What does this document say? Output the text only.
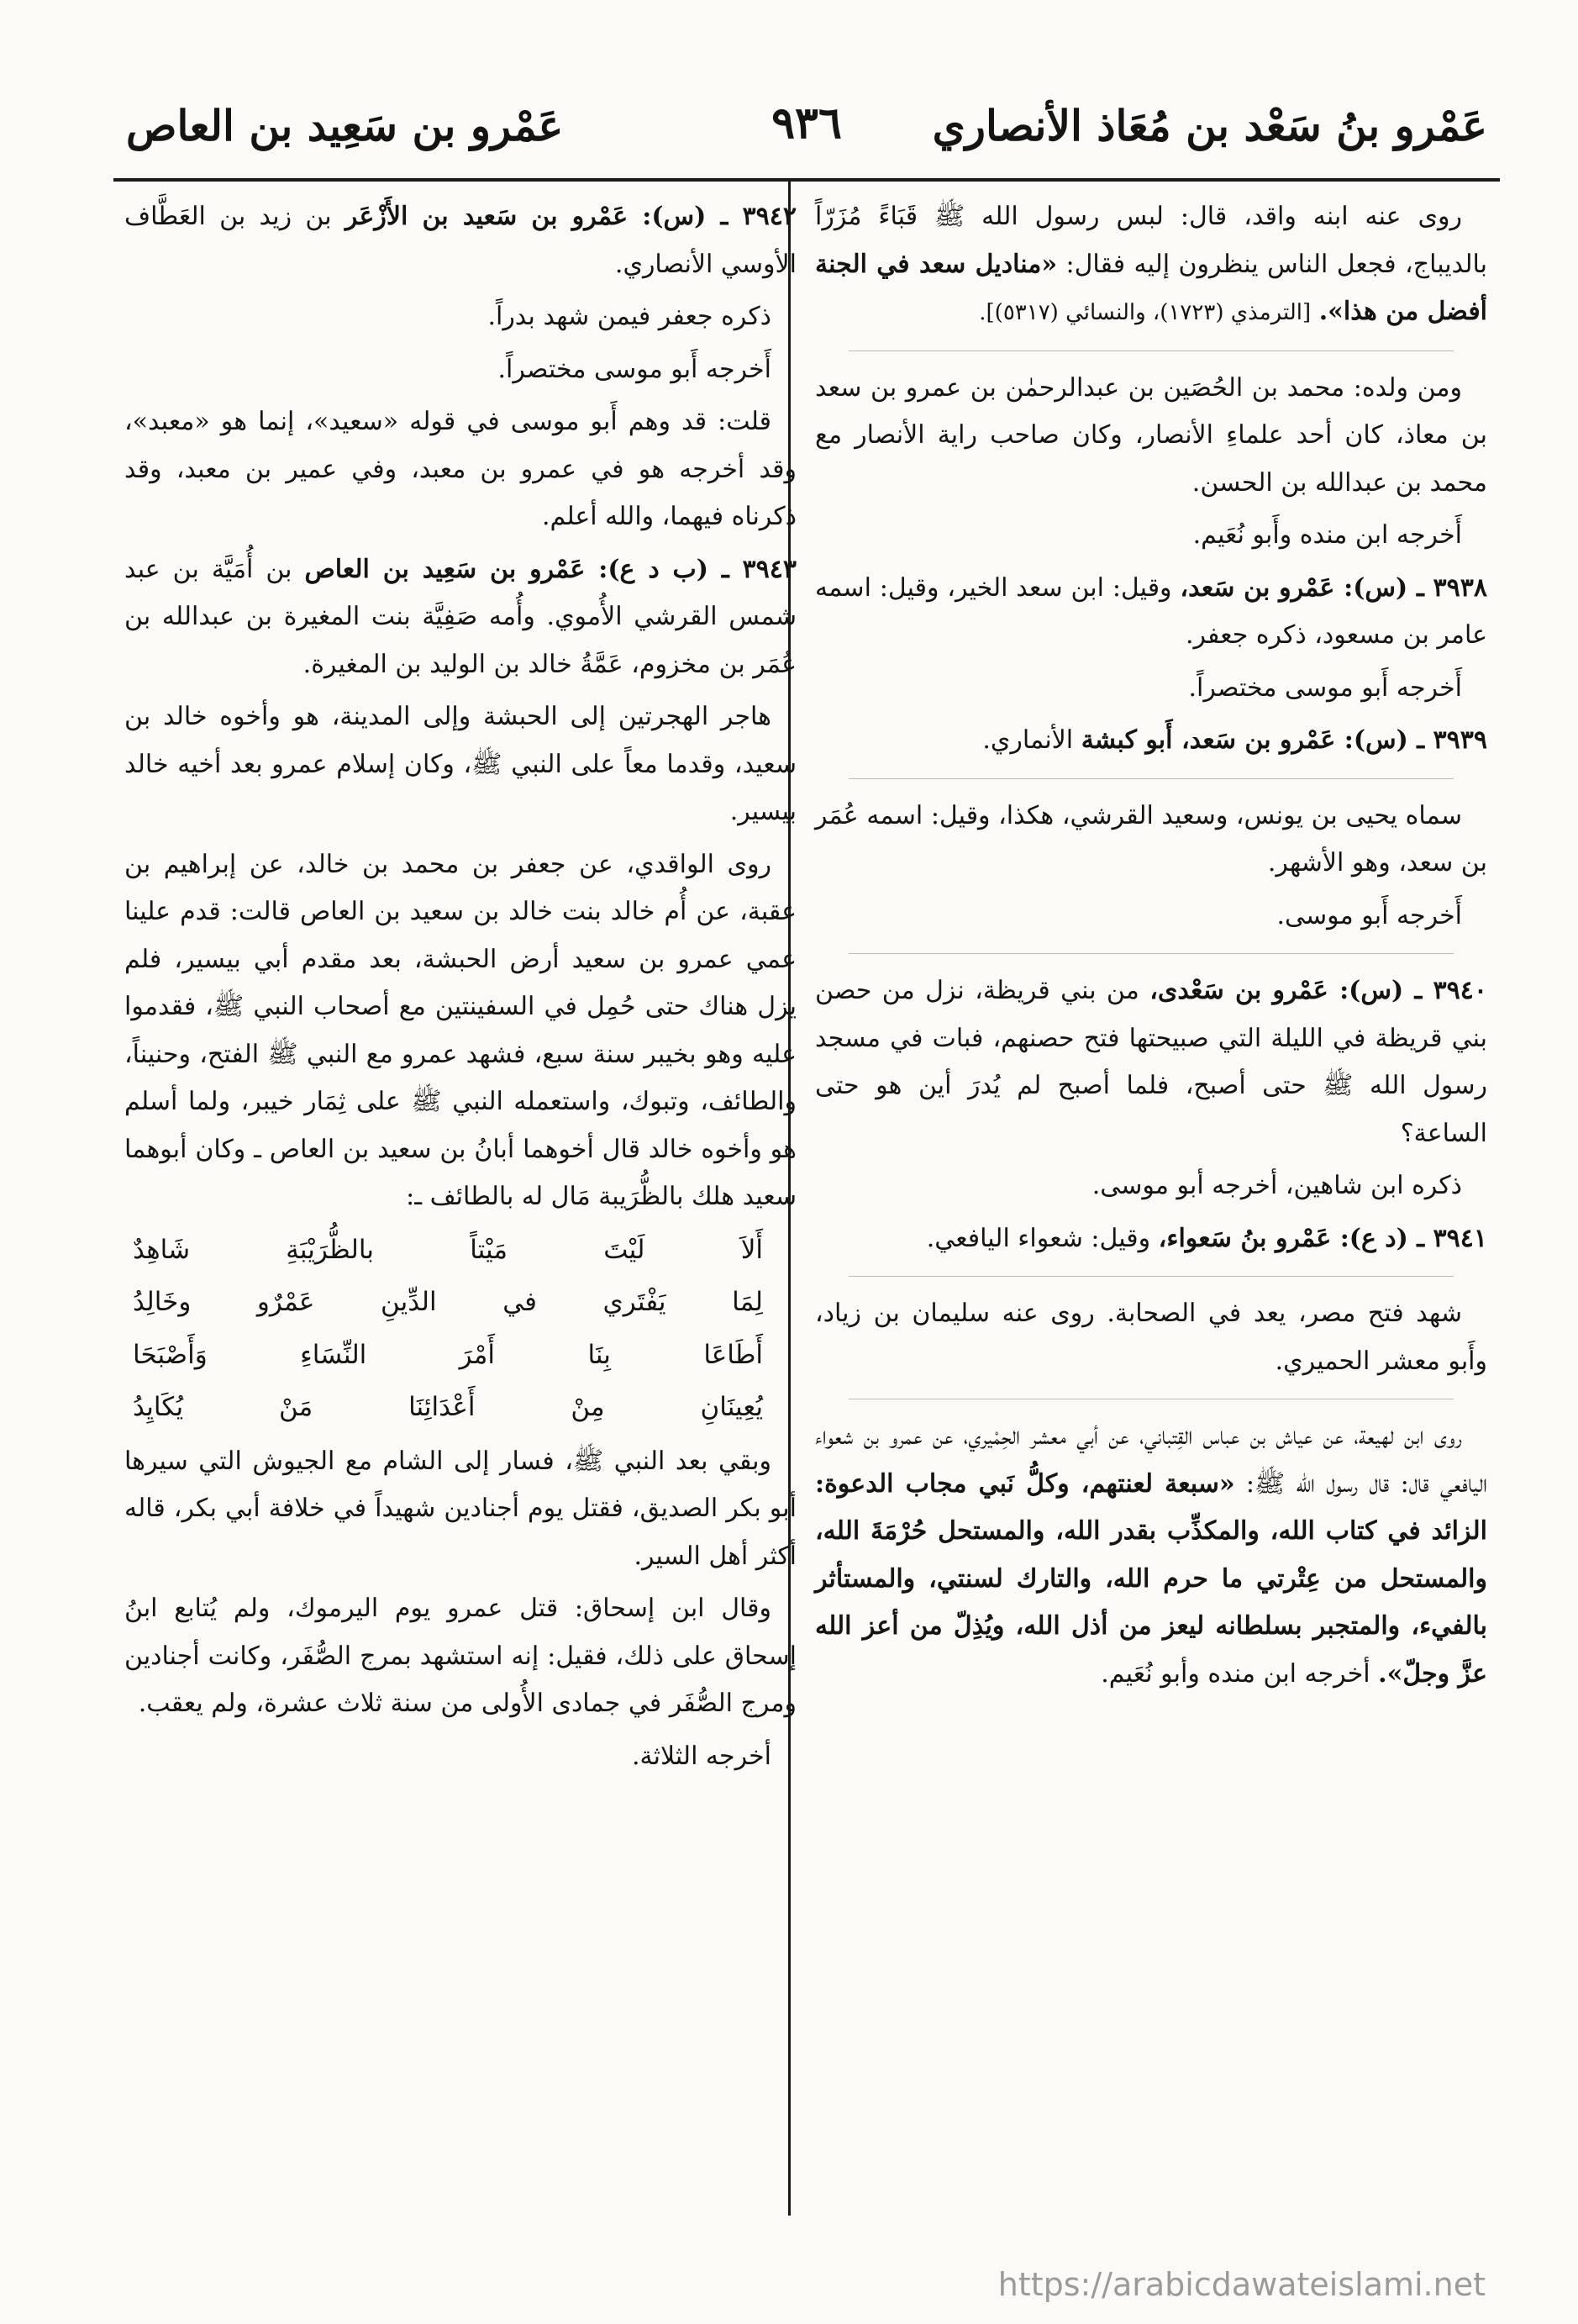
عَمْرو بنُ سَعْد بن مُعَاذ الأنصاري
٩٣٦
عَمْرو بن سَعِيد بن العاص

روى عنه ابنه واقد، قال: لبس رسول الله ﷺ قَبَاءً مُزَرّاً بالديباج، فجعل الناس ينظرون إليه فقال: «مناديل سعد في الجنة أفضل من هذا». [الترمذي (١٧٢٣)، والنسائي (٥٣١٧)].

ومن ولده: محمد بن الحُصَين بن عبدالرحمٰن بن عمرو بن سعد بن معاذ، كان أحد علماءِ الأنصار، وكان صاحب راية الأنصار مع محمد بن عبدالله بن الحسن.

أَخرجه ابن منده وأَبو نُعَيم.

٣٩٣٨ ـ (س): عَمْرو بن سَعد، وقيل: ابن سعد الخير، وقيل: اسمه عامر بن مسعود، ذكره جعفر.

أَخرجه أَبو موسى مختصراً.

٣٩٣٩ ـ (س): عَمْرو بن سَعد، أَبو كبشة الأنماري.

سماه يحيى بن يونس، وسعيد القرشي، هكذا، وقيل: اسمه عُمَر بن سعد، وهو الأشهر.

أَخرجه أَبو موسى.

٣٩٤٠ ـ (س): عَمْرو بن سَعْدى، من بني قريظة، نزل من حصن بني قريظة في الليلة التي صبيحتها فتح حصنهم، فبات في مسجد رسول الله ﷺ حتى أصبح، فلما أصبح لم يُدرَ أين هو حتى الساعة؟

ذكره ابن شاهين، أخرجه أبو موسى.

٣٩٤١ ـ (د ع): عَمْرو بنُ سَعواء، وقيل: شعواء اليافعي.

شهد فتح مصر، يعد في الصحابة. روى عنه سليمان بن زياد، وأَبو معشر الحميري.

روى ابن لهيعة، عن عياش بن عباس القِتباني، عن أبي معشر الحِمْيري، عن عمرو بن شعواء اليافعي قال: قال رسول الله ﷺ: «سبعة لعنتهم، وكلُّ نَبي مجاب الدعوة: الزائد في كتاب الله، والمكذِّب بقدر الله، والمستحل حُرْمَةَ الله، والمستحل من عِتْرتي ما حرم الله، والتارك لسنتي، والمستأثر بالفيء، والمتجبر بسلطانه ليعز من أذل الله، ويُذِلّ من أعز الله عزَّ وجلّ». أخرجه ابن منده وأبو نُعَيم.

٣٩٤٢ ـ (س): عَمْرو بن سَعيد بن الأَزْعَر بن زيد بن العَطَّاف الأوسي الأنصاري.

ذكره جعفر فيمن شهد بدراً.

أَخرجه أَبو موسى مختصراً.

قلت: قد وهم أَبو موسى في قوله «سعيد»، إنما هو «معبد»، وقد أخرجه هو في عمرو بن معبد، وفي عمير بن معبد، وقد ذكرناه فيهما، والله أعلم.

٣٩٤٣ ـ (ب د ع): عَمْرو بن سَعِيد بن العاص بن أُمَيَّة بن عبد شمس القرشي الأُموي. وأُمه صَفِيَّة بنت المغيرة بن عبدالله بن عُمَر بن مخزوم، عَمَّةُ خالد بن الوليد بن المغيرة.

هاجر الهجرتين إلى الحبشة وإلى المدينة، هو وأخوه خالد بن سعيد، وقدما معاً على النبي ﷺ، وكان إسلام عمرو بعد أخيه خالد بيسير.

روى الواقدي، عن جعفر بن محمد بن خالد، عن إبراهيم بن عقبة، عن أُم خالد بنت خالد بن سعيد بن العاص قالت: قدم علينا عمي عمرو بن سعيد أرض الحبشة، بعد مقدم أبي بيسير، فلم يزل هناك حتى حُمِل في السفينتين مع أصحاب النبي ﷺ، فقدموا عليه وهو بخيبر سنة سبع، فشهد عمرو مع النبي ﷺ الفتح، وحنيناً، والطائف، وتبوك، واستعمله النبي ﷺ على ثِمَار خيبر، ولما أسلم هو وأخوه خالد قال أخوهما أبانُ بن سعيد بن العاص ـ وكان أبوهما سعيد هلك بالظُّرَيبة مَال له بالطائف ـ:

أَلاَ لَيْتَ مَيْتاً بالظُّرَيْبَةِ شَاهِدٌ

لِمَا يَفْتَري في الدِّينِ عَمْرٌو وخَالِدُ

أَطَاعَا بِنَا أَمْرَ النِّسَاءِ وَأَصْبَحَا

يُعِينَانِ مِنْ أَعْدَائِنَا مَنْ يُكَايِدُ

وبقي بعد النبي ﷺ، فسار إلى الشام مع الجيوش التي سيرها أبو بكر الصديق، فقتل يوم أجنادين شهيداً في خلافة أبي بكر، قاله أكثر أهل السير.

وقال ابن إسحاق: قتل عمرو يوم اليرموك، ولم يُتابع ابنُ إسحاق على ذلك، فقيل: إنه استشهد بمرج الصُّفَر، وكانت أجنادين ومرج الصُّفَر في جمادى الأُولى من سنة ثلاث عشرة، ولم يعقب.

أخرجه الثلاثة.

https://arabicdawateislami.net
